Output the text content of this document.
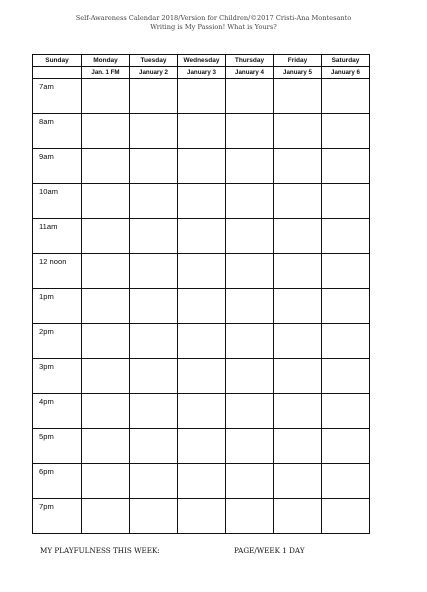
Self-Awareness Calendar 2018/Version for Children/©2017 Cristi-Ana Montesanto
Writing is My Passion! What is Yours?
Sunday	Monday	Tuesday	Wednesday	Thursday	Friday	Saturday
	Jan. 1 FM	January 2	January 3	January 4	January 5	January 6

7am						

8am						

9am						

10am						

11am						

12 noon						

1pm						

2pm						

3pm						

4pm						

5pm						

6pm						

7pm						

MY PLAYFULNESS THIS WEEK:	PAGE/WEEK 1 DAY
